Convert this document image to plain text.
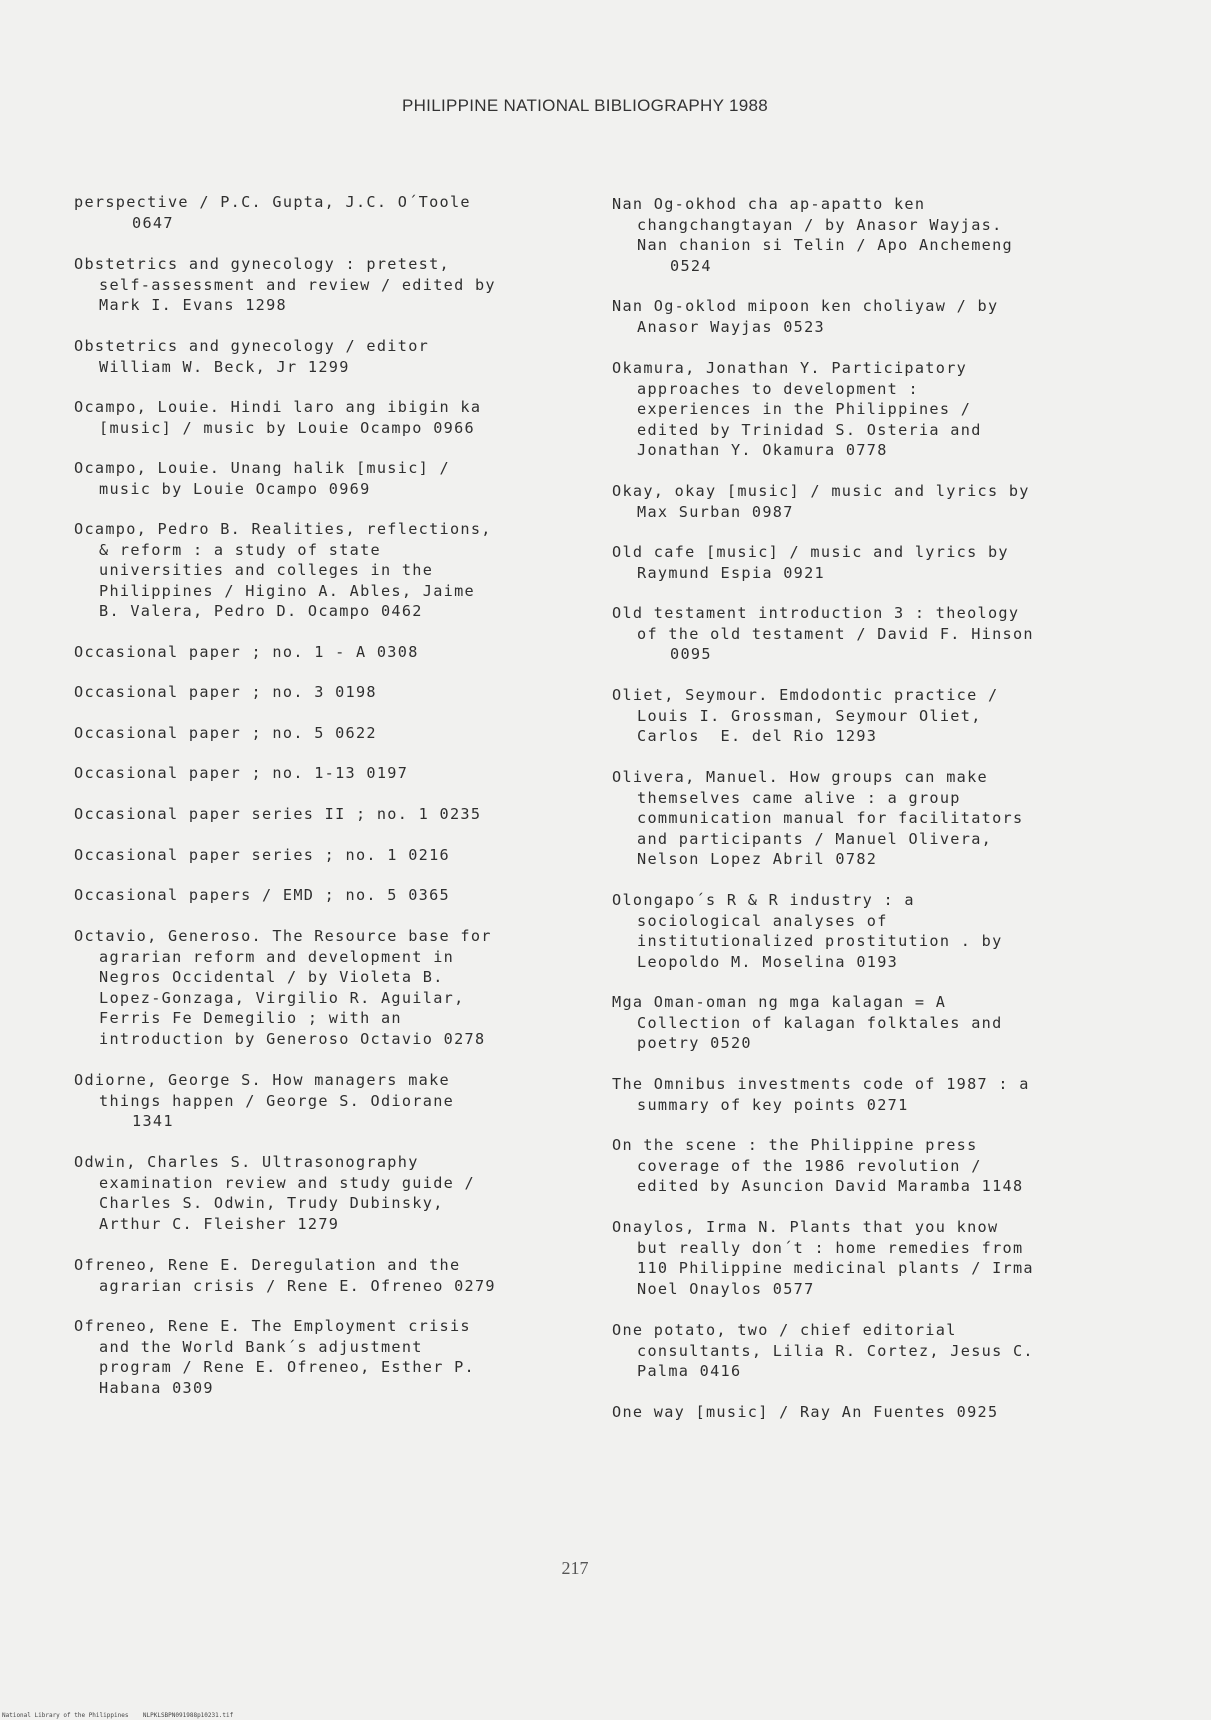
PHILIPPINE NATIONAL BIBLIOGRAPHY 1988
perspective / P.C. Gupta, J.C. O´Toole
0647
Obstetrics and gynecology : pretest,
self-assessment and review / edited by
Mark I. Evans 1298
Obstetrics and gynecology / editor
William W. Beck, Jr 1299
Ocampo, Louie. Hindi laro ang ibigin ka
[music] / music by Louie Ocampo 0966
Ocampo, Louie. Unang halik [music] /
music by Louie Ocampo 0969
Ocampo, Pedro B. Realities, reflections,
& reform : a study of state
universities and colleges in the
Philippines / Higino A. Ables, Jaime
B. Valera, Pedro D. Ocampo 0462
Occasional paper ; no. 1 - A 0308
Occasional paper ; no. 3 0198
Occasional paper ; no. 5 0622
Occasional paper ; no. 1-13 0197
Occasional paper series II ; no. 1 0235
Occasional paper series ; no. 1 0216
Occasional papers / EMD ; no. 5 0365
Octavio, Generoso. The Resource base for
agrarian reform and development in
Negros Occidental / by Violeta B.
Lopez-Gonzaga, Virgilio R. Aguilar,
Ferris Fe Demegilio ; with an
introduction by Generoso Octavio 0278
Odiorne, George S. How managers make
things happen / George S. Odiorane
1341
Odwin, Charles S. Ultrasonography
examination review and study guide /
Charles S. Odwin, Trudy Dubinsky,
Arthur C. Fleisher 1279
Ofreneo, Rene E. Deregulation and the
agrarian crisis / Rene E. Ofreneo 0279
Ofreneo, Rene E. The Employment crisis
and the World Bank´s adjustment
program / Rene E. Ofreneo, Esther P.
Habana 0309
Nan Og-okhod cha ap-apatto ken
changchangtayan / by Anasor Wayjas.
Nan chanion si Telin / Apo Anchemeng
0524
Nan Og-oklod mipoon ken choliyaw / by
Anasor Wayjas 0523
Okamura, Jonathan Y. Participatory
approaches to development :
experiences in the Philippines /
edited by Trinidad S. Osteria and
Jonathan Y. Okamura 0778
Okay, okay [music] / music and lyrics by
Max Surban 0987
Old cafe [music] / music and lyrics by
Raymund Espia 0921
Old testament introduction 3 : theology
of the old testament / David F. Hinson
0095
Oliet, Seymour. Emdodontic practice /
Louis I. Grossman, Seymour Oliet,
Carlos  E. del Rio 1293
Olivera, Manuel. How groups can make
themselves came alive : a group
communication manual for facilitators
and participants / Manuel Olivera,
Nelson Lopez Abril 0782
Olongapo´s R & R industry : a
sociological analyses of
institutionalized prostitution . by
Leopoldo M. Moselina 0193
Mga Oman-oman ng mga kalagan = A
Collection of kalagan folktales and
poetry 0520
The Omnibus investments code of 1987 : a
summary of key points 0271
On the scene : the Philippine press
coverage of the 1986 revolution /
edited by Asuncion David Maramba 1148
Onaylos, Irma N. Plants that you know
but really don´t : home remedies from
110 Philippine medicinal plants / Irma
Noel Onaylos 0577
One potato, two / chief editorial
consultants, Lilia R. Cortez, Jesus C.
Palma 0416
One way [music] / Ray An Fuentes 0925
217
National Library of the Philippines    NLPKLSBPN091988p10231.tif
